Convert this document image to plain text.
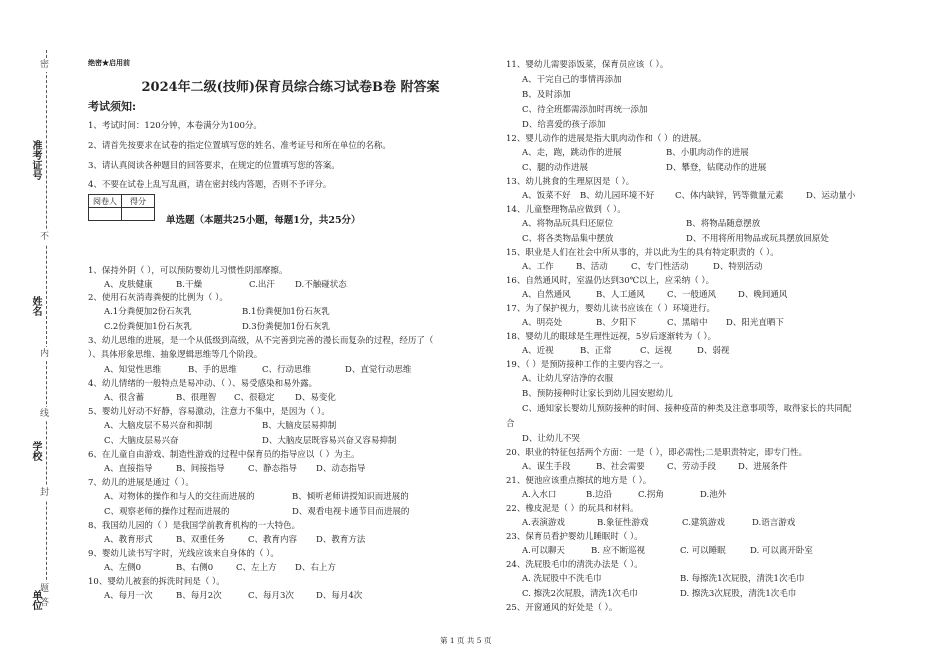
密
不
内
线
封
题
答
准考证号
姓名
学校
单位
绝密★启用前
2024年二级(技师)保育员综合练习试卷B卷 附答案
考试须知:
1、考试时间：120分钟，本卷满分为100分。
2、请首先按要求在试卷的指定位置填写您的姓名、准考证号和所在单位的名称。
3、请认真阅读各种题目的回答要求，在规定的位置填写您的答案。
4、不要在试卷上乱写乱画，请在密封线内答题，否则不予评分。
阅卷人	得分

单选题（本题共25小题，每题1分，共25分）
1、保持外阴（ ），可以预防婴幼儿习惯性阴部摩擦。
A、皮肤健康	B.干燥	C.出汗 D.不触碰状态
2、使用石灰消毒粪便的比例为（ ）。
A.1分粪便加2份石灰乳	B.1份粪便加1份石灰乳
C.2份粪便加1份石灰乳	D.3份粪便加1份石灰乳
3、幼儿思维的进展，是一个从低级到高级，从不完善到完善的漫长而复杂的过程，经历了（
）、具体形象思维、抽象逻辑思维等几个阶段。
A、知觉性思维	B、手的思维	C、行动思维	D、直觉行动思维
4、幼儿情绪的一般特点是易冲动、（ ）、易受感染和易外露。
A、很含蓄	B、很理智 C、很稳定 D、易变化
5、婴幼儿好动不好静，容易激动，注意力不集中，是因为（ ）。
A、大脑皮层不易兴奋和抑制	B、大脑皮层易抑制
C、大脑皮层易兴奋	D、大脑皮层既容易兴奋又容易抑制
6、在儿童自由游戏、制造性游戏的过程中保育员的指导应以（ ）为主。
A、直接指导	B、间接指导	C、静态指导 D、动态指导
7、幼儿的进展是通过（ ）。
A、对物体的操作和与人的交往而进展的	B、倾听老师讲授知识而进展的
C、观察老师的操作过程而进展的	D、观看电视卡通节目而进展的
8、我国幼儿园的（ ）是我国学前教育机构的一大特色。
A、教育形式	B、双重任务	C、教育内容 D、教育方法
9、婴幼儿读书写字时，光线应该来自身体的（ ）。
A、左侧0	B、右侧0	C、左上方 D、右上方
10、婴幼儿被套的拆洗时间是（ ）。
A、每月一次	B、每月2次	C、每月3次	D、每月4次
11、婴幼儿需要添饭菜，保育员应该（ ）。
A、干完自己的事情再添加
B、及时添加
C、待全班都需添加时再统一添加
D、给喜爱的孩子添加
12、婴儿动作的进展是指大肌肉动作和（ ）的进展。
A、走，跑，跳动作的进展	B、小肌肉动作的进展
C、腿的动作进展	D、攀登，钻爬动作的进展
13、幼儿挑食的生理原因是（ ）。
A、饭菜不好 B、幼儿园环境不好 C、体内缺锌，钙等微量元素	D、运动量小
14、儿童整理物品应做到（ ）。
A、将物品玩具归还原位	B、将物品随意摆放
C、将各类物品集中摆放	D、不用将所用物品或玩具摆放回原处
15、职业是人们在社会中所从事的，并以此为生的具有特定职责的（ ）。
A、工作	B、活动	C、专门性活动	D、特别活动
16、自然通风时，室温仍达到30℃以上，应采纳（ ）。
A、自然通风	B、人工通风	C、一般通风	D、晚间通风
17、为了保护视力，婴幼儿读书应该在（ ）环境进行。
A、明亮处	B、夕阳下	C、黑暗中 D、阳光直晒下
18、婴幼儿的眼球是生理性远视，5岁后逐渐转为（ ）。
A、近视	B、正常	C、远视	D、弱视
19、（ ）是预防接种工作的主要内容之一。
A、让幼儿穿洁净的衣服
B、预防接种时让家长到幼儿园安慰幼儿
C、通知家长婴幼儿预防接种的时间、接种疫苗的种类及注意事项等，取得家长的共同配
合
D、让幼儿不哭
20、职业的特征包括两个方面：一是（ ），即必需性;二是职责特定，即专门性。
A、谋生手段	B、社会需要	C、劳动手段	D、进展条件
21、便池应该重点擦拭的地方是（ ）。
A.入水口	B.边沿	C.拐角	D.池外
22、橡皮泥是（ ）的玩具和材料。
A.表演游戏	B.象征性游戏	C.建筑游戏	D.语言游戏
23、保育员看护婴幼儿睡眠时（ ）。
A.可以聊天	B. 应不断巡视	C. 可以睡眠	D. 可以离开卧室
24、洗屁股毛巾的清洗办法是（ ）。
A. 洗屁股中不洗毛巾	B. 每擦洗1次屁股，清洗1次毛巾
C. 擦洗2次屁股，清洗1次毛巾	D. 擦洗3次屁股，清洗1次毛巾
25、开窗通风的好处是（ ）。
第 1 页 共 5 页
